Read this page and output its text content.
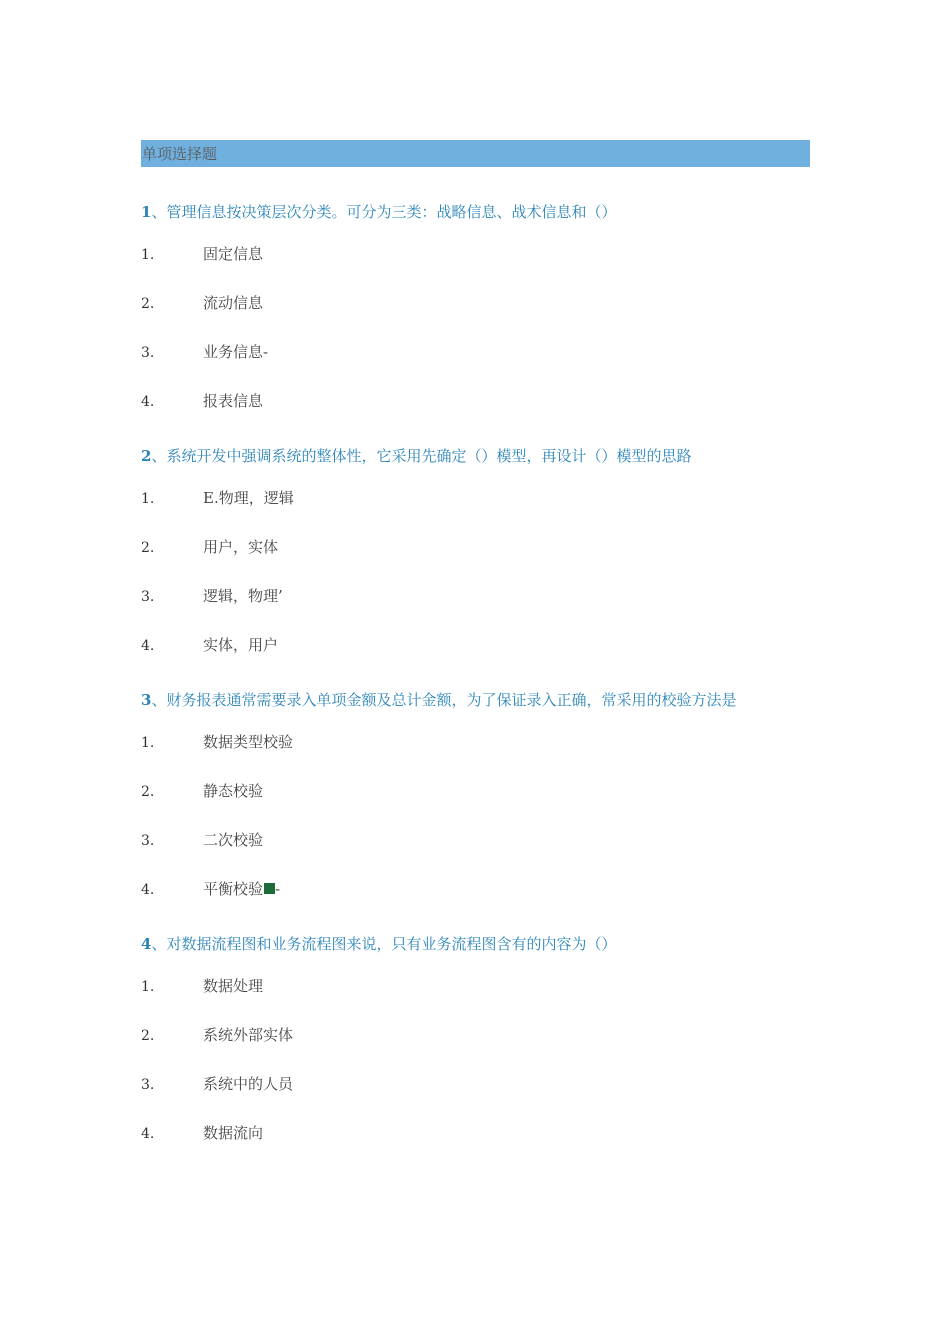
单项选择题

1、管理信息按决策层次分类。可分为三类：战略信息、战术信息和（）

1.	固定信息
2.	流动信息
3.	业务信息-
4.	报表信息

2、系统开发中强调系统的整体性，它采用先确定（）模型，再设计（）模型的思路

1.	E.物理，逻辑
2.	用户，实体
3.	逻辑，物理’
4.	实体，用户

3、财务报表通常需要录入单项金额及总计金额，为了保证录入正确，常采用的校验方法是

1.	数据类型校验
2.	静态校验
3.	二次校验
4.	平衡校验 -

4、对数据流程图和业务流程图来说，只有业务流程图含有的内容为（）

1.	数据处理
2.	系统外部实体
3.	系统中的人员
4.	数据流向
